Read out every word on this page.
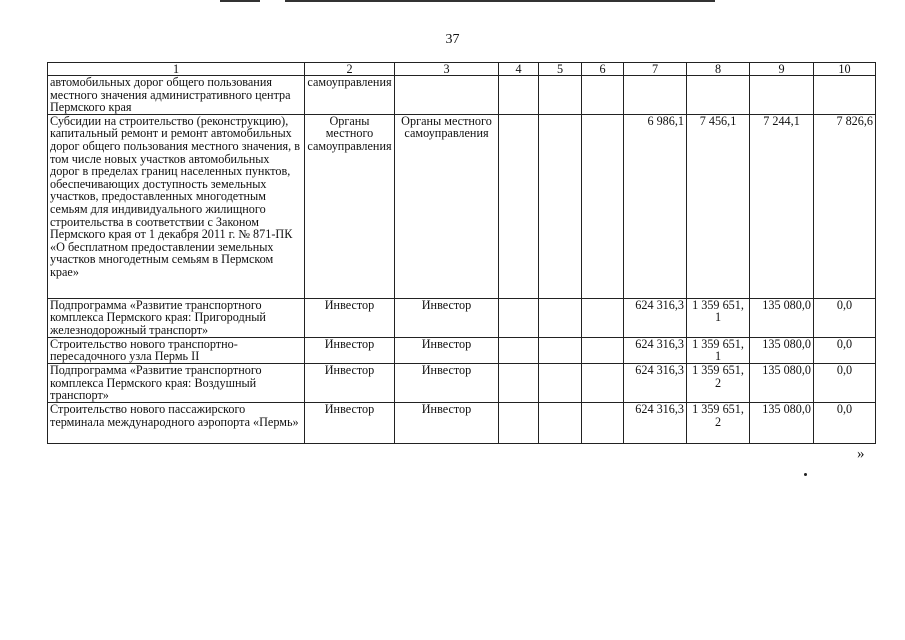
37
1	2	3	4	5	6	7	8	9	10
автомобильных дорог общего пользования местного значения административного центра Пермского края	самоуправления								
Субсидии на строительство (реконструкцию), капитальный ремонт и ремонт автомобильных дорог общего пользования местного значения, в том числе новых участков автомобильных дорог в пределах границ населенных пунктов, обеспечивающих доступность земельных участков, предоставленных многодетным семьям для индивидуального жилищного строительства в соответствии с Законом Пермского края от 1 декабря 2011 г. № 871-ПК «О бесплатном предоставлении земельных участков многодетным семьям в Пермском крае»	Органы местного самоуправления	Органы местного самоуправления				6 986,1	7 456,1	7 244,1	7 826,6
Подпрограмма «Развитие транспортного комплекса Пермского края: Пригородный железнодорожный транспорт»	Инвестор	Инвестор				624 316,3	1 359 651, 1	135 080,0	0,0
Строительство нового транспортно-пересадочного узла Пермь II	Инвестор	Инвестор				624 316,3	1 359 651, 1	135 080,0	0,0
Подпрограмма «Развитие транспортного комплекса Пермского края: Воздушный транспорт»	Инвестор	Инвестор				624 316,3	1 359 651, 2	135 080,0	0,0
Строительство нового пассажирского терминала международного аэропорта «Пермь»	Инвестор	Инвестор				624 316,3	1 359 651, 2	135 080,0	0,0
»
